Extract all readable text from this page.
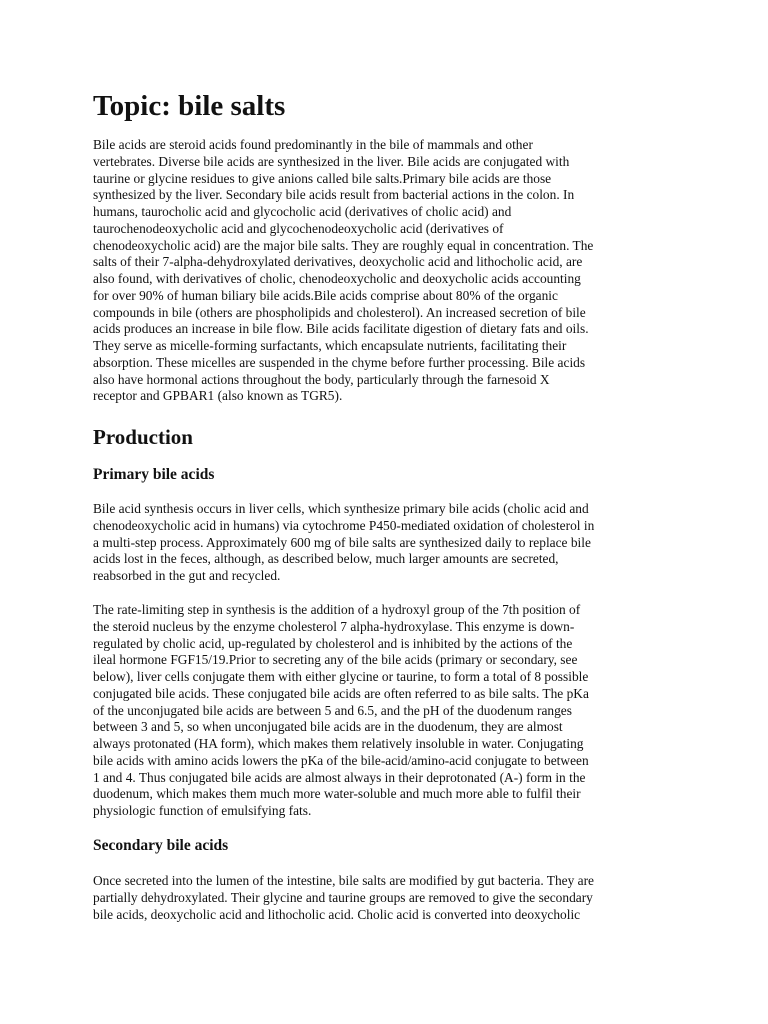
Topic: bile salts
Bile acids are steroid acids found predominantly in the bile of mammals and other
vertebrates. Diverse bile acids are synthesized in the liver. Bile acids are conjugated with
taurine or glycine residues to give anions called bile salts.Primary bile acids are those
synthesized by the liver. Secondary bile acids result from bacterial actions in the colon. In
humans, taurocholic acid and glycocholic acid (derivatives of cholic acid) and
taurochenodeoxycholic acid and glycochenodeoxycholic acid (derivatives of
chenodeoxycholic acid) are the major bile salts. They are roughly equal in concentration. The
salts of their 7-alpha-dehydroxylated derivatives, deoxycholic acid and lithocholic acid, are
also found, with derivatives of cholic, chenodeoxycholic and deoxycholic acids accounting
for over 90% of human biliary bile acids.Bile acids comprise about 80% of the organic
compounds in bile (others are phospholipids and cholesterol). An increased secretion of bile
acids produces an increase in bile flow. Bile acids facilitate digestion of dietary fats and oils.
They serve as micelle-forming surfactants, which encapsulate nutrients, facilitating their
absorption. These micelles are suspended in the chyme before further processing. Bile acids
also have hormonal actions throughout the body, particularly through the farnesoid X
receptor and GPBAR1 (also known as TGR5).
Production
Primary bile acids
Bile acid synthesis occurs in liver cells, which synthesize primary bile acids (cholic acid and
chenodeoxycholic acid in humans) via cytochrome P450-mediated oxidation of cholesterol in
a multi-step process. Approximately 600 mg of bile salts are synthesized daily to replace bile
acids lost in the feces, although, as described below, much larger amounts are secreted,
reabsorbed in the gut and recycled.
The rate-limiting step in synthesis is the addition of a hydroxyl group of the 7th position of
the steroid nucleus by the enzyme cholesterol 7 alpha-hydroxylase. This enzyme is down-
regulated by cholic acid, up-regulated by cholesterol and is inhibited by the actions of the
ileal hormone FGF15/19.Prior to secreting any of the bile acids (primary or secondary, see
below), liver cells conjugate them with either glycine or taurine, to form a total of 8 possible
conjugated bile acids. These conjugated bile acids are often referred to as bile salts. The pKa
of the unconjugated bile acids are between 5 and 6.5, and the pH of the duodenum ranges
between 3 and 5, so when unconjugated bile acids are in the duodenum, they are almost
always protonated (HA form), which makes them relatively insoluble in water. Conjugating
bile acids with amino acids lowers the pKa of the bile-acid/amino-acid conjugate to between
1 and 4. Thus conjugated bile acids are almost always in their deprotonated (A-) form in the
duodenum, which makes them much more water-soluble and much more able to fulfil their
physiologic function of emulsifying fats.
Secondary bile acids
Once secreted into the lumen of the intestine, bile salts are modified by gut bacteria. They are
partially dehydroxylated. Their glycine and taurine groups are removed to give the secondary
bile acids, deoxycholic acid and lithocholic acid. Cholic acid is converted into deoxycholic
